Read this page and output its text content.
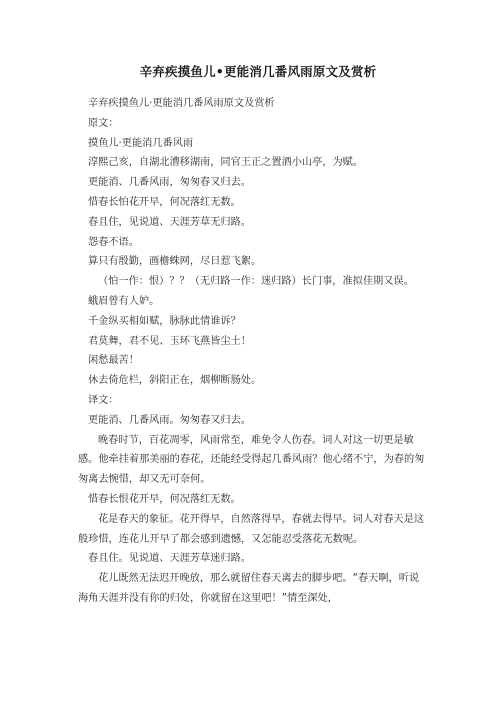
辛弃疾摸鱼儿•更能消几番风雨原文及赏析
辛弃疾摸鱼儿·更能消几番风雨原文及赏析
原文：
摸鱼儿·更能消几番风雨
淳熙己亥，自湖北漕移湖南，同官王正之置酒小山亭，为赋。
更能消、几番风雨，匆匆春又归去。
惜春长怕花开早，何况落红无数。
春且住，见说道、天涯芳草无归路。
怨春不语。
算只有殷勤，画檐蛛网，尽日惹飞絮。
（怕一作：恨）？？（无归路一作：迷归路）长门事，准拟佳期又误。
蛾眉曾有人妒。
千金纵买相如赋，脉脉此情谁诉？
君莫舞，君不见、玉环飞燕皆尘土！
闲愁最苦！
休去倚危栏，斜阳正在，烟柳断肠处。
译文：
更能消、几番风雨。匆匆春又归去。
晚春时节，百花凋零，风雨常至，难免令人伤春。词人对这一切更是敏感。他牵挂着那美丽的春花，还能经受得起几番风雨？他心绪不宁，为春的匆匆离去惋惜，却又无可奈何。
惜春长恨花开早，何况落红无数。
花是春天的象征。花开得早，自然落得早，春就去得早。词人对春天是这般珍惜，连花儿开早了都会感到遗憾，又怎能忍受落花无数呢。
春且住。见说道、天涯芳草迷归路。
花儿既然无法迟开晚放，那么就留住春天离去的脚步吧。“春天啊，听说海角天涯并没有你的归处，你就留在这里吧！”情至深处，
